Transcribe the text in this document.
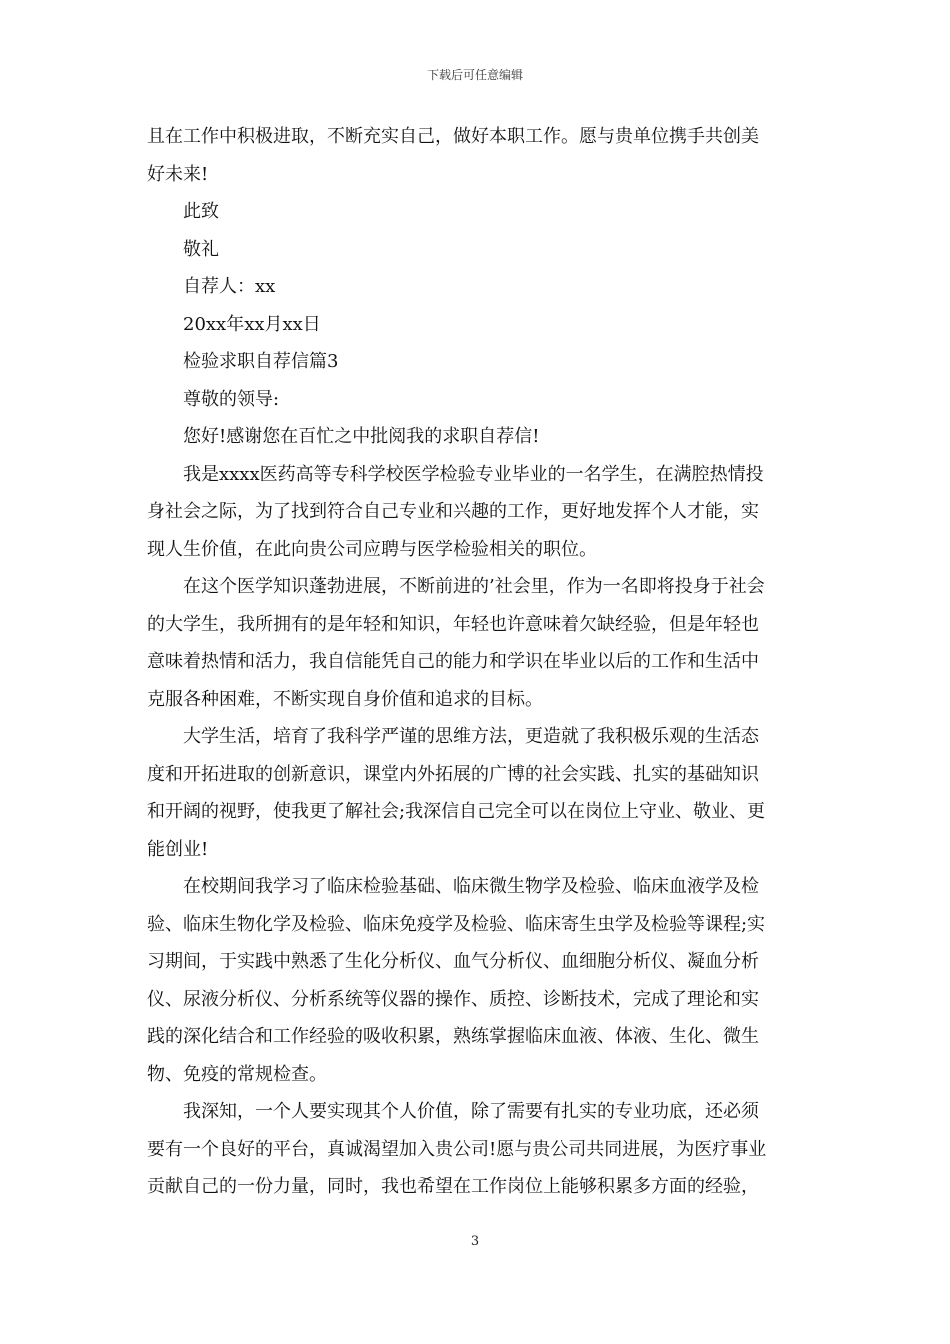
下载后可任意编辑
且在工作中积极进取，不断充实自己，做好本职工作。愿与贵单位携手共创美
好未来!
此致
敬礼
自荐人：xx
20xx年xx月xx日
检验求职自荐信篇3
尊敬的领导:
您好!感谢您在百忙之中批阅我的求职自荐信!
我是xxxx医药高等专科学校医学检验专业毕业的一名学生，在满腔热情投
身社会之际，为了找到符合自己专业和兴趣的工作，更好地发挥个人才能，实
现人生价值，在此向贵公司应聘与医学检验相关的职位。
在这个医学知识蓬勃进展，不断前进的’社会里，作为一名即将投身于社会
的大学生，我所拥有的是年轻和知识，年轻也许意味着欠缺经验，但是年轻也
意味着热情和活力，我自信能凭自己的能力和学识在毕业以后的工作和生活中
克服各种困难，不断实现自身价值和追求的目标。
大学生活，培育了我科学严谨的思维方法，更造就了我积极乐观的生活态
度和开拓进取的创新意识，课堂内外拓展的广博的社会实践、扎实的基础知识
和开阔的视野，使我更了解社会;我深信自己完全可以在岗位上守业、敬业、更
能创业!
在校期间我学习了临床检验基础、临床微生物学及检验、临床血液学及检
验、临床生物化学及检验、临床免疫学及检验、临床寄生虫学及检验等课程;实
习期间，于实践中熟悉了生化分析仪、血气分析仪、血细胞分析仪、凝血分析
仪、尿液分析仪、分析系统等仪器的操作、质控、诊断技术，完成了理论和实
践的深化结合和工作经验的吸收积累，熟练掌握临床血液、体液、生化、微生
物、免疫的常规检查。
我深知，一个人要实现其个人价值，除了需要有扎实的专业功底，还必须
要有一个良好的平台，真诚渴望加入贵公司!愿与贵公司共同进展，为医疗事业
贡献自己的一份力量，同时，我也希望在工作岗位上能够积累多方面的经验，
3
